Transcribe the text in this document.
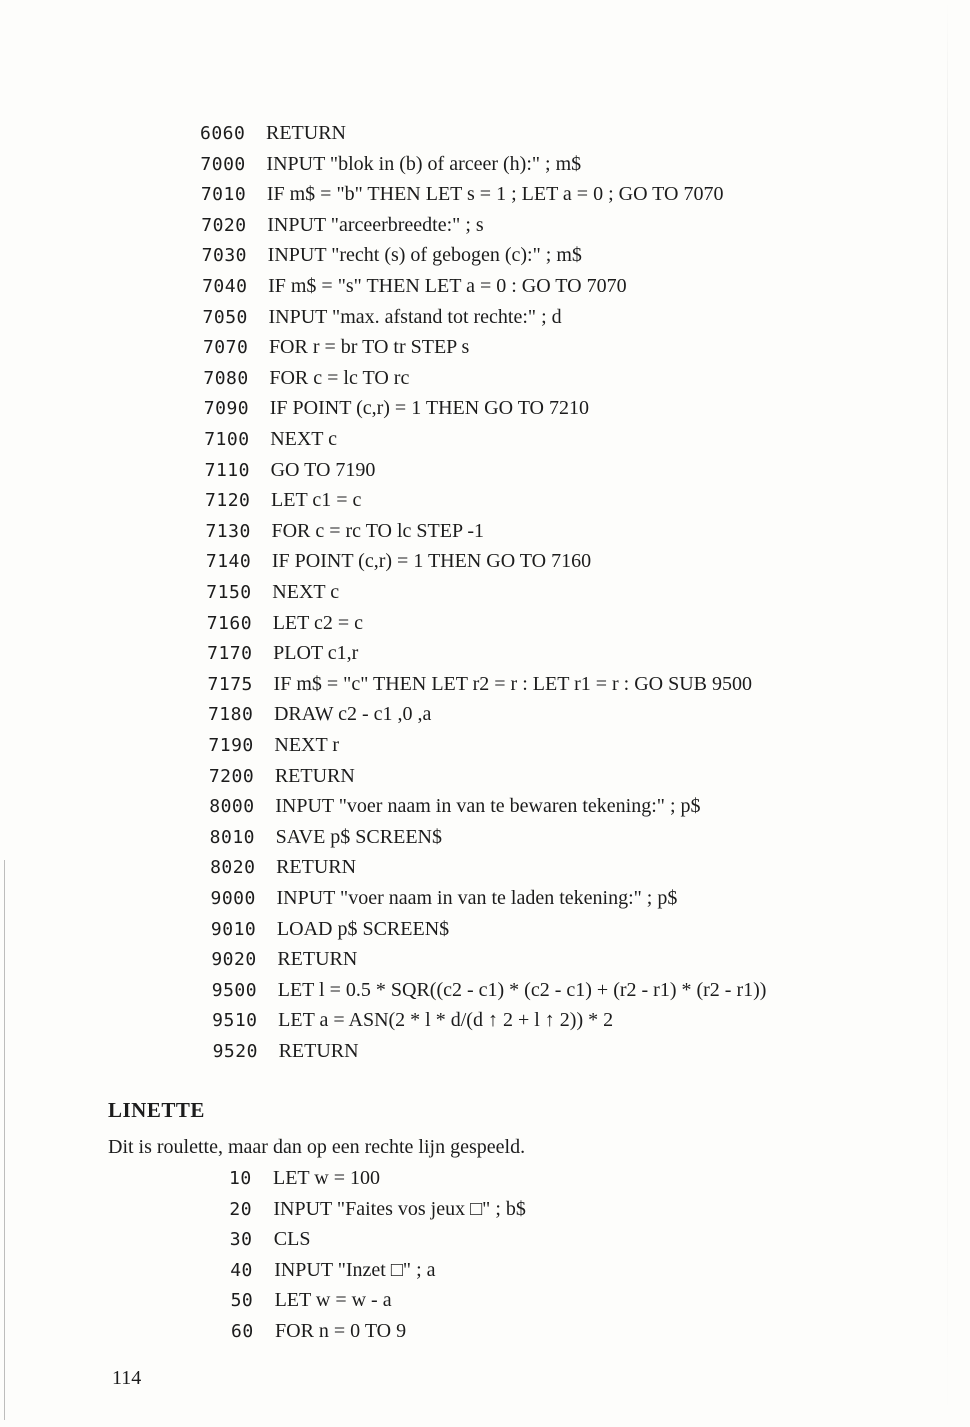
6060 RETURN
7000 INPUT "blok in (b) of arceer (h):" ; m$
7010 IF m$ = "b" THEN LET s = 1 ; LET a = 0 ; GO TO 7070
7020 INPUT "arceerbreedte:" ; s
7030 INPUT "recht (s) of gebogen (c):" ; m$
7040 IF m$ = "s" THEN LET a = 0 : GO TO 7070
7050 INPUT "max. afstand tot rechte:" ; d
7070 FOR r = br TO tr STEP s
7080 FOR c = lc TO rc
7090 IF POINT (c,r) = 1 THEN GO TO 7210
7100 NEXT c
7110 GO TO 7190
7120 LET c1 = c
7130 FOR c = rc TO lc STEP -1
7140 IF POINT (c,r) = 1 THEN GO TO 7160
7150 NEXT c
7160 LET c2 = c
7170 PLOT c1,r
7175 IF m$ = "c" THEN LET r2 = r : LET r1 = r : GO SUB 9500
7180 DRAW c2 - c1 ,0 ,a
7190 NEXT r
7200 RETURN
8000 INPUT "voer naam in van te bewaren tekening:" ; p$
8010 SAVE p$ SCREEN$
8020 RETURN
9000 INPUT "voer naam in van te laden tekening:" ; p$
9010 LOAD p$ SCREEN$
9020 RETURN
9500 LET l = 0.5 * SQR((c2 - c1) * (c2 - c1) + (r2 - r1) * (r2 - r1))
9510 LET a = ASN(2 * l * d/(d ↑ 2 + l ↑ 2)) * 2
9520 RETURN
LINETTE
Dit is roulette, maar dan op een rechte lijn gespeeld.
10 LET w = 100
20 INPUT "Faites vos jeux □" ; b$
30 CLS
40 INPUT "Inzet □" ; a
50 LET w = w - a
60 FOR n = 0 TO 9
114
